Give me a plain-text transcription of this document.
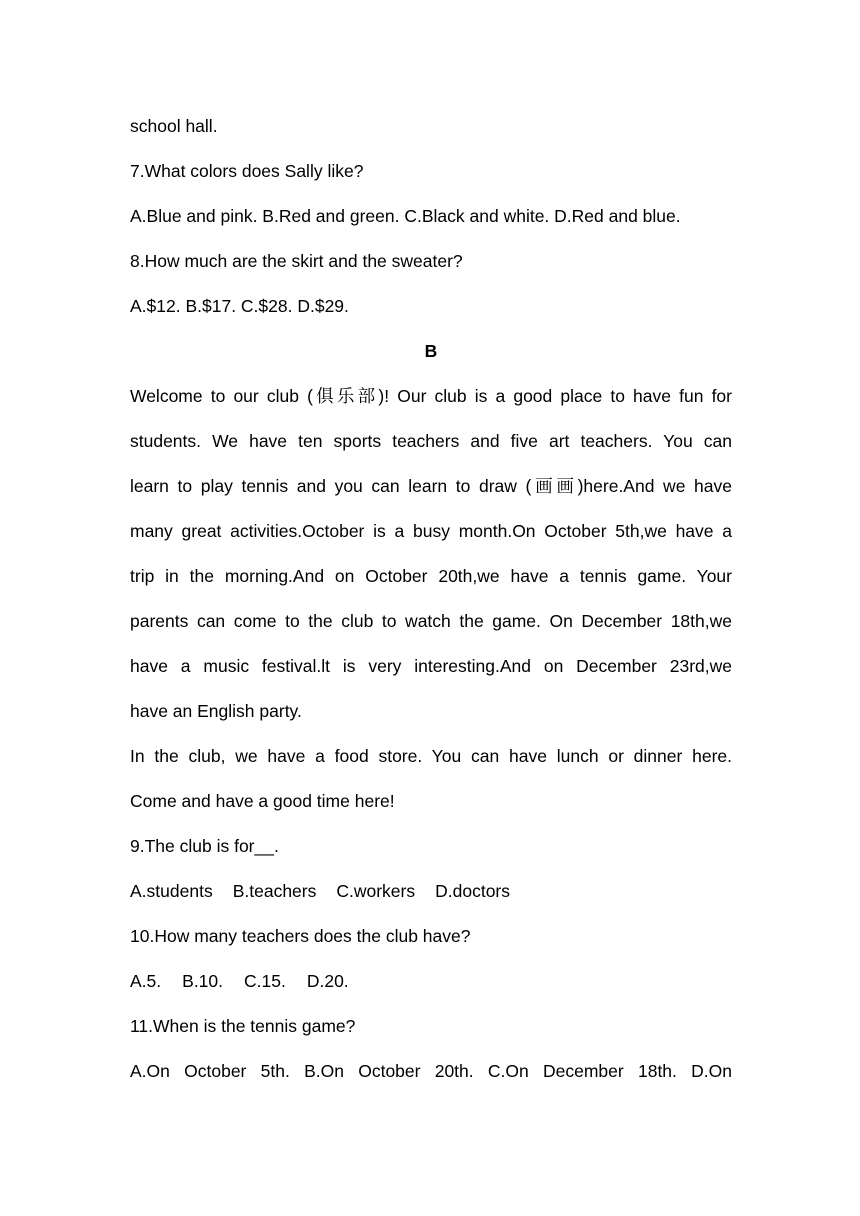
school hall.
7.What colors does Sally like?
A.Blue and pink. B.Red and green. C.Black and white. D.Red and blue.
8.How much are the skirt and the sweater?
A.$12. B.$17. C.$28. D.$29.
B
Welcome to our club (俱乐部)! Our club is a good place to have fun for
students. We have ten sports teachers and five art teachers. You can
learn to play tennis and you can learn to draw (画画)here.And we have
many great activities.October is a busy month.On October 5th,we have a
trip in the morning.And on October 20th,we have a tennis game. Your
parents can come to the club to watch the game. On December 18th,we
have a music festival.lt is very interesting.And on December 23rd,we
have an English party.
In the club, we have a food store. You can have lunch or dinner here.
Come and have a good time here!
9.The club is for__.
A.students B.teachers C.workers D.doctors
10.How many teachers does the club have?
A.5. B.10. C.15. D.20.
11.When is the tennis game?
A.On October 5th. B.On October 20th. C.On December 18th. D.On
